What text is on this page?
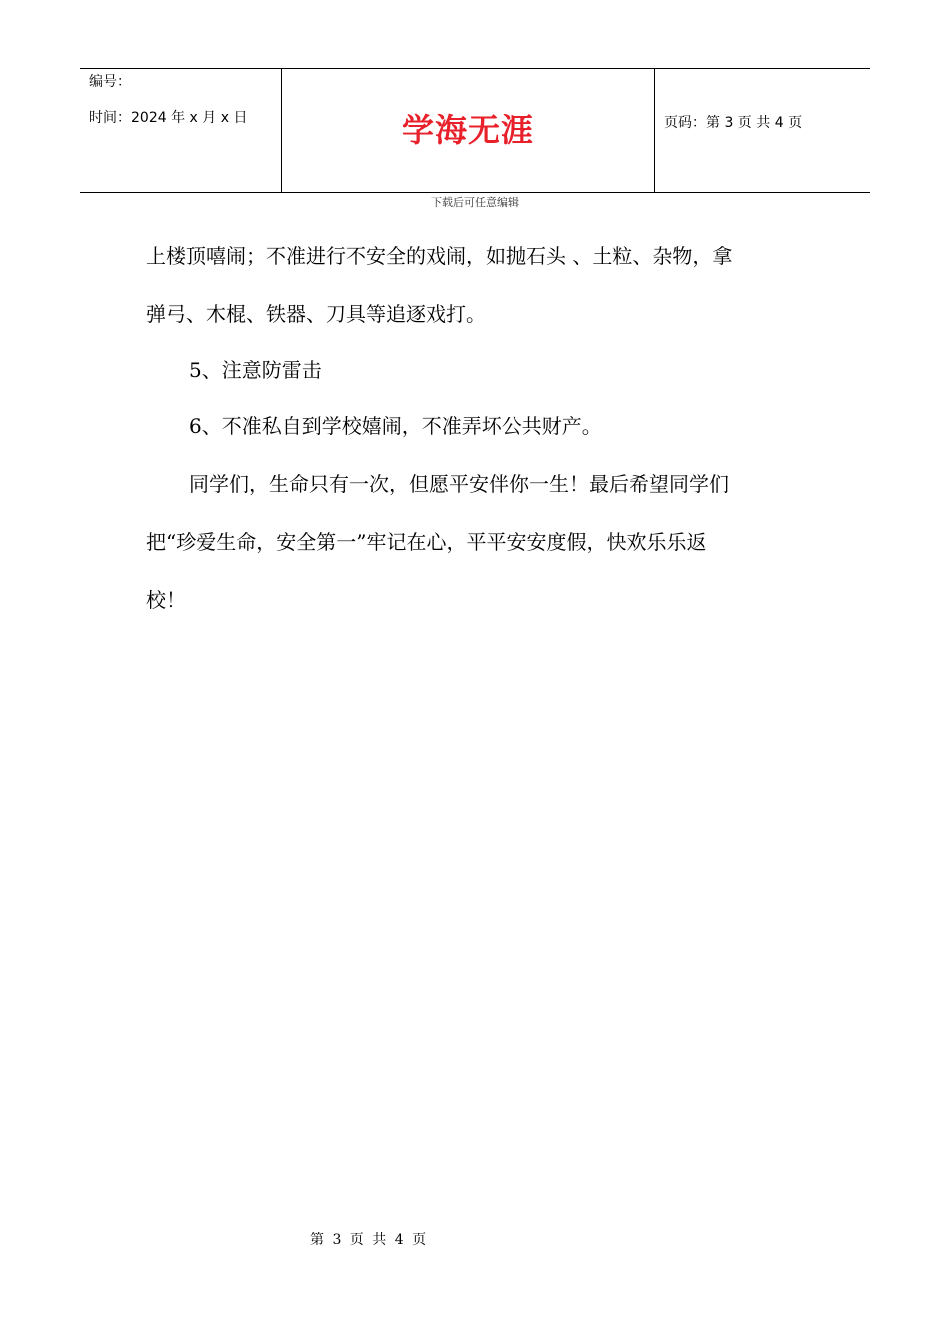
编号：
时间：2024 年 x 月 x 日	学海无涯	页码：第 3 页 共 4 页
下载后可任意编辑
上楼顶嘻闹；不准进行不安全的戏闹，如抛石头 、土粒、杂物，拿
弹弓、木棍、铁器、刀具等追逐戏打。
5、注意防雷击
6、不准私自到学校嬉闹，不准弄坏公共财产。
同学们，生命只有一次，但愿平安伴你一生！最后希望同学们
把“珍爱生命，安全第一”牢记在心，平平安安度假，快欢乐乐返
校！
第 3 页 共 4 页
